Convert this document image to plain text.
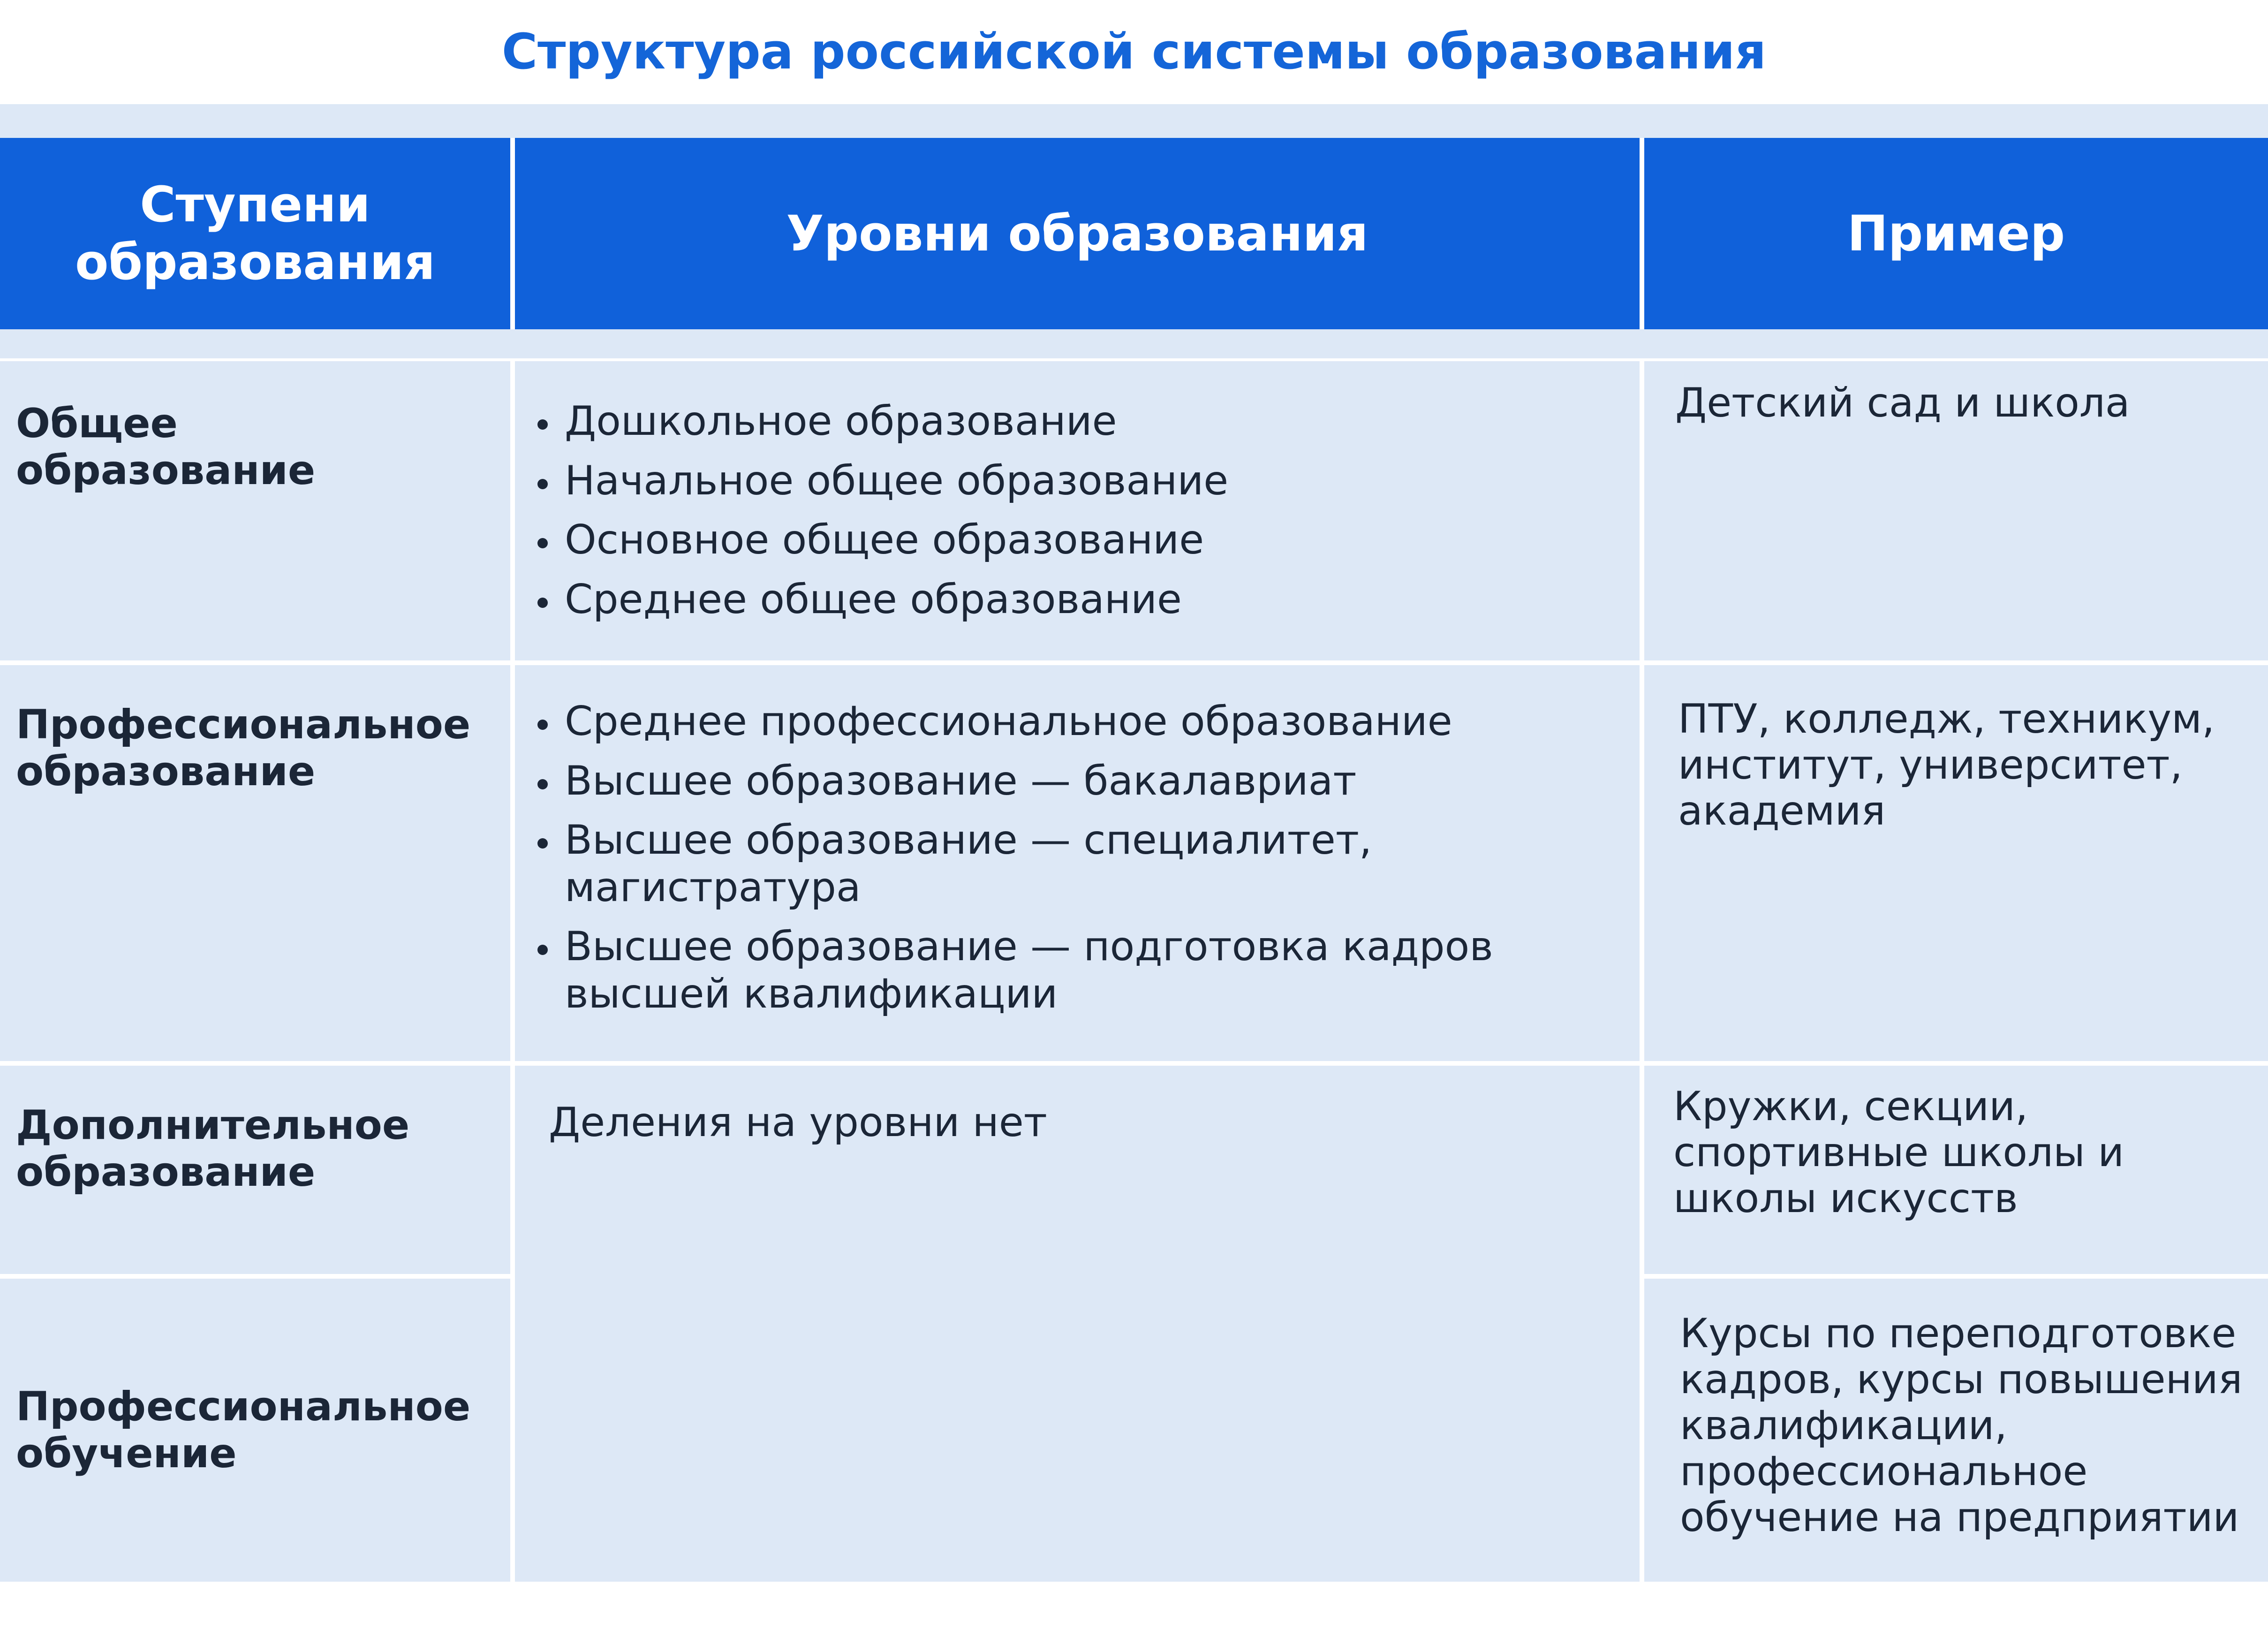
Структура российской системы образования
Ступени образования
Уровни образования	Пример
Общее образование
Дошкольное образование
Начальное общее образование
Основное общее образование
Среднее общее образование
Детский сад и школа
Профессиональное образование
Среднее профессиональное образование
Высшее образование — бакалавриат
Высшее образование — специалитет, магистратура
Высшее образование — подготовка кадров высшей квалификации
ПТУ, колледж, техникум, институт, университет, академия
Дополнительное образование
Деления на уровни нет	Кружки, секции, спортивные школы и школы искусств
Профессиональное обучение
Курсы по переподготовке кадров, курсы повышения квалификации, профессиональное обучение на предприятии
